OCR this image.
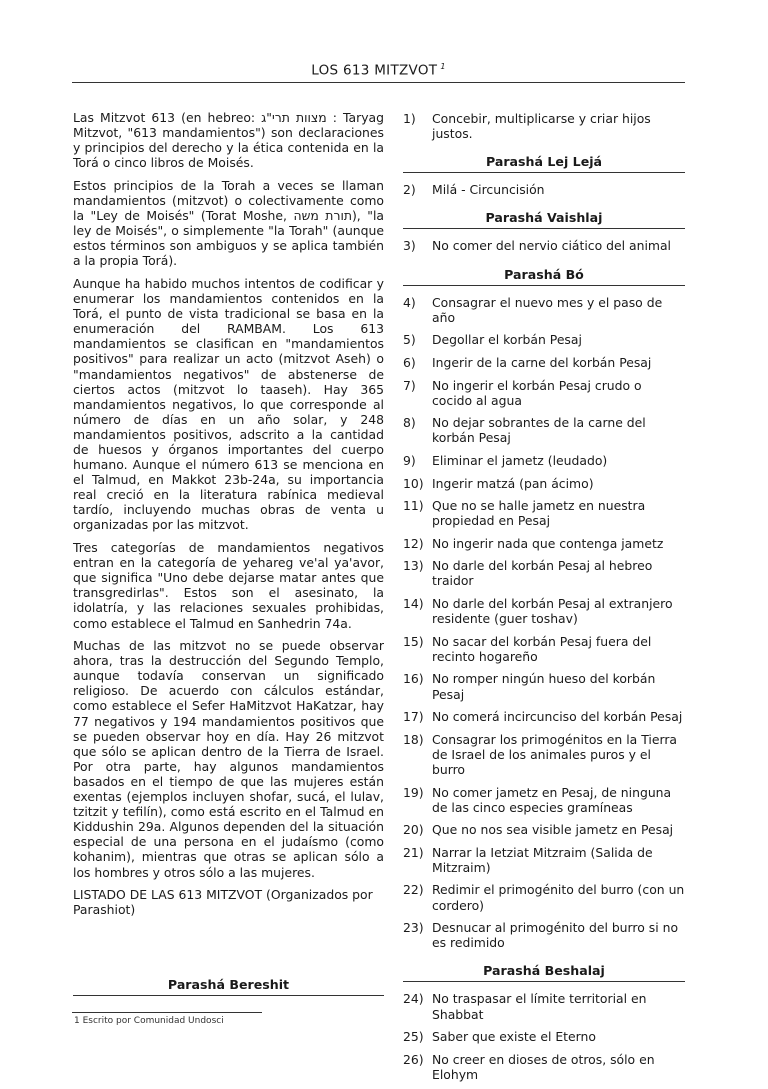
LOS 613 MITZVOT $^1$

Las Mitzvot 613 (en hebreo: מצוות תרי"ג : Taryag Mitzvot, "613 mandamientos") son declaraciones y principios del derecho y la ética contenida en la Torá o cinco libros de Moisés.

Estos principios de la Torah a veces se llaman mandamientos (mitzvot) o colectivamente como la "Ley de Moisés" (Torat Moshe, תורת משה), "la ley de Moisés", o simplemente "la Torah" (aunque estos términos son ambiguos y se aplica también a la propia Torá).

Aunque ha habido muchos intentos de codificar y enumerar los mandamientos contenidos en la Torá, el punto de vista tradicional se basa en la enumeración del RAMBAM. Los 613 mandamientos se clasifican en "mandamientos positivos" para realizar un acto (mitzvot Aseh) o "mandamientos negativos" de abstenerse de ciertos actos (mitzvot lo taaseh). Hay 365 mandamientos negativos, lo que corresponde al número de días en un año solar, y 248 mandamientos positivos, adscrito a la cantidad de huesos y órganos importantes del cuerpo humano. Aunque el número 613 se menciona en el Talmud, en Makkot 23b-24a, su importancia real creció en la literatura rabínica medieval tardío, incluyendo muchas obras de venta u organizadas por las mitzvot.

Tres categorías de mandamientos negativos entran en la categoría de yehareg ve'al ya'avor, que significa "Uno debe dejarse matar antes que transgredirlas". Estos son el asesinato, la idolatría, y las relaciones sexuales prohibidas, como establece el Talmud en Sanhedrin 74a.

Muchas de las mitzvot no se puede observar ahora, tras la destrucción del Segundo Templo, aunque todavía conservan un significado religioso. De acuerdo con cálculos estándar, como establece el Sefer HaMitzvot HaKatzar, hay 77 negativos y 194 mandamientos positivos que se pueden observar hoy en día. Hay 26 mitzvot que sólo se aplican dentro de la Tierra de Israel. Por otra parte, hay algunos mandamientos basados en el tiempo de que las mujeres están exentas (ejemplos incluyen shofar, sucá, el lulav, tzitzit y tefilín), como está escrito en el Talmud en Kiddushin 29a. Algunos dependen del la situación especial de una persona en el judaísmo (como kohanim), mientras que otras se aplican sólo a los hombres y otros sólo a las mujeres.

LISTADO DE LAS 613 MITZVOT (Organizados por Parashiot)

Parashá Bereshit
1)	Concebir, multiplicarse y criar hijos justos.
Parashá Lej Lejá
2)	Milá - Circuncisión
Parashá Vaishlaj
3)	No comer del nervio ciático del animal
Parashá Bó
4)	Consagrar el nuevo mes y el paso de año
5)	Degollar el korbán Pesaj
6)	Ingerir de la carne del korbán Pesaj
7)	No ingerir el korbán Pesaj crudo o cocido al agua
8)	No dejar sobrantes de la carne del korbán Pesaj
9)	Eliminar el jametz (leudado)
10) Ingerir matzá (pan ácimo)
11) Que no se halle jametz en nuestra propiedad en Pesaj
12) No ingerir nada que contenga jametz
13) No darle del korbán Pesaj al hebreo traidor
14) No darle del korbán Pesaj al extranjero residente (guer toshav)
15) No sacar del korbán Pesaj fuera del recinto hogareño
16) No romper ningún hueso del korbán Pesaj
17) No comerá incircunciso del korbán Pesaj
18) Consagrar los primogénitos en la Tierra de Israel de los animales puros y el burro
19) No comer jametz en Pesaj, de ninguna de las cinco especies gramíneas
20) Que no nos sea visible jametz en Pesaj
21) Narrar la Ietziat Mitzraim (Salida de Mitzraim)
22) Redimir el primogénito del burro (con un cordero)
23) Desnucar al primogénito del burro si no es redimido
Parashá Beshalaj
24) No traspasar el límite territorial en Shabbat
25) Saber que existe el Eterno
26) No creer en dioses de otros, sólo en Elohym
1 Escrito por Comunidad Undosci
